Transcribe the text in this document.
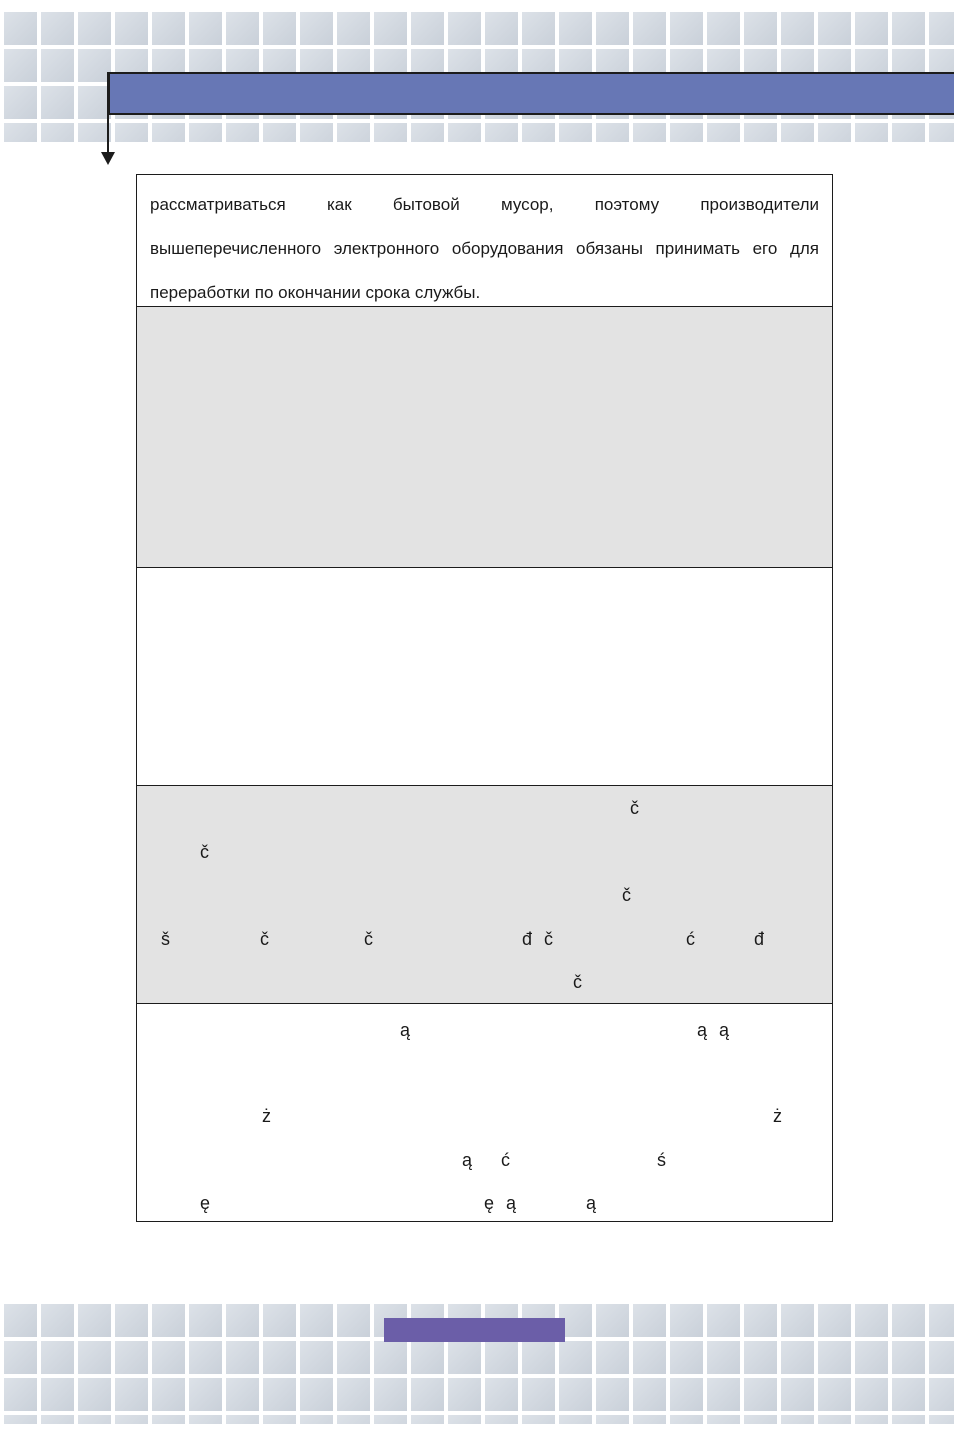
рассматриваться как бытовой мусор, поэтому производители
вышеперечисленного электронного оборудования обязаны принимать его для переработки по окончании срока службы.

č
č
č
š	č	č	đ č	ć	đ
č
ą	ą ą
ż	ż
ą ć	ś
ę	ę ą	ą
